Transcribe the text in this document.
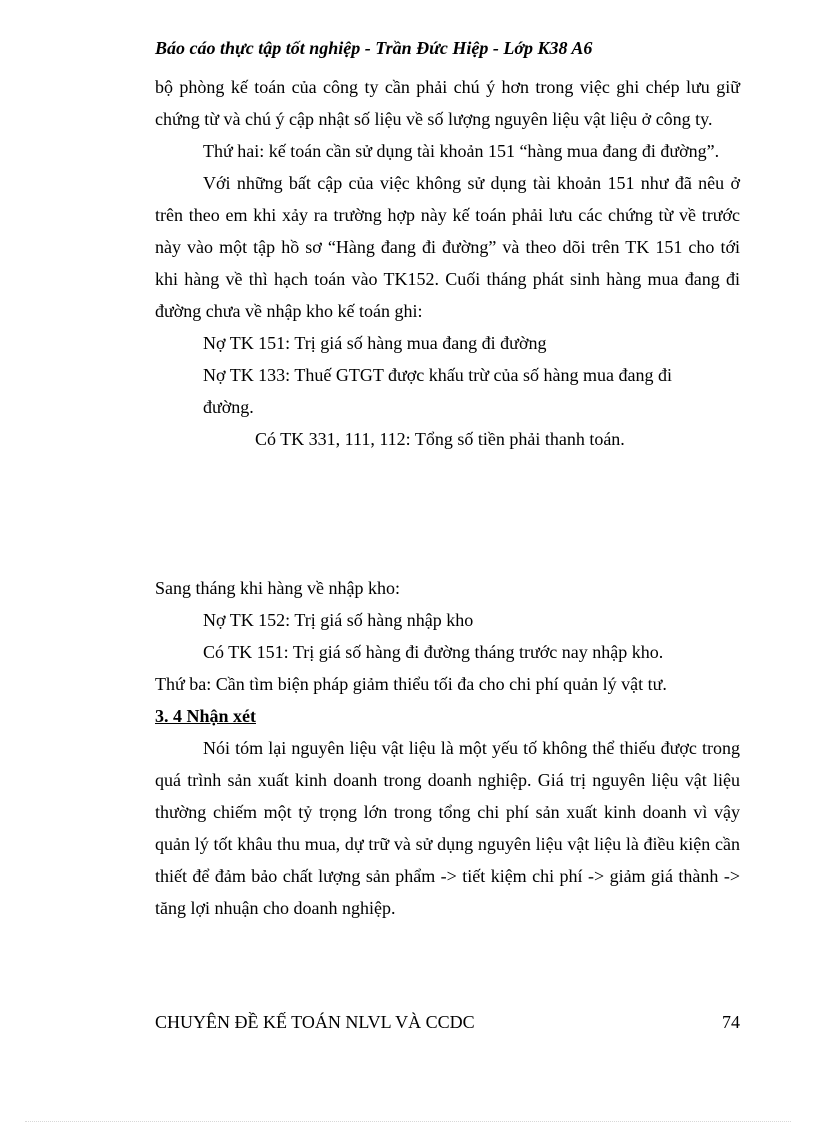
Báo cáo thực tập tốt nghiệp - Trần Đức Hiệp - Lớp K38 A6

bộ phòng kế toán của công ty cần phải chú ý hơn trong việc ghi chép lưu giữ chứng từ và chú ý cập nhật số liệu về số lượng nguyên liệu vật liệu ở công ty.

Thứ hai: kế toán cần sử dụng tài khoản 151 “hàng mua đang đi đường”.

Với những bất cập của việc không sử dụng tài khoản 151 như đã nêu ở trên theo em khi xảy ra trường hợp này kế toán phải lưu các chứng từ về trước này vào một tập hồ sơ “Hàng đang đi đường” và theo dõi trên TK 151 cho tới khi hàng về thì hạch toán vào TK152. Cuối tháng phát sinh hàng mua đang đi đường chưa về nhập kho kế toán ghi:

Nợ TK 151: Trị giá số hàng mua đang đi đường

Nợ TK 133: Thuế GTGT được khấu trừ của số hàng mua đang đi

đường.

Có TK 331, 111, 112: Tổng số tiền phải thanh toán.

Sang tháng khi hàng về nhập kho:

Nợ TK 152: Trị giá số hàng nhập kho

Có TK 151: Trị giá số hàng đi đường tháng trước nay nhập kho.

Thứ ba: Cần tìm biện pháp giảm thiểu tối đa cho chi phí quản lý vật tư.

3. 4 Nhận xét

Nói tóm lại nguyên liệu vật liệu là một yếu tố không thể thiếu được trong quá trình sản xuất kinh doanh trong doanh nghiệp. Giá trị nguyên liệu vật liệu thường chiếm một tỷ trọng lớn trong tổng chi phí sản xuất kinh doanh vì vậy quản lý tốt khâu thu mua, dự trữ và sử dụng nguyên liệu vật liệu là điều kiện cần thiết để đảm bảo chất lượng sản phẩm -> tiết kiệm chi phí -> giảm giá thành -> tăng lợi nhuận cho doanh nghiệp.

CHUYÊN ĐỀ KẾ TOÁN NLVL VÀ CCDC	74
